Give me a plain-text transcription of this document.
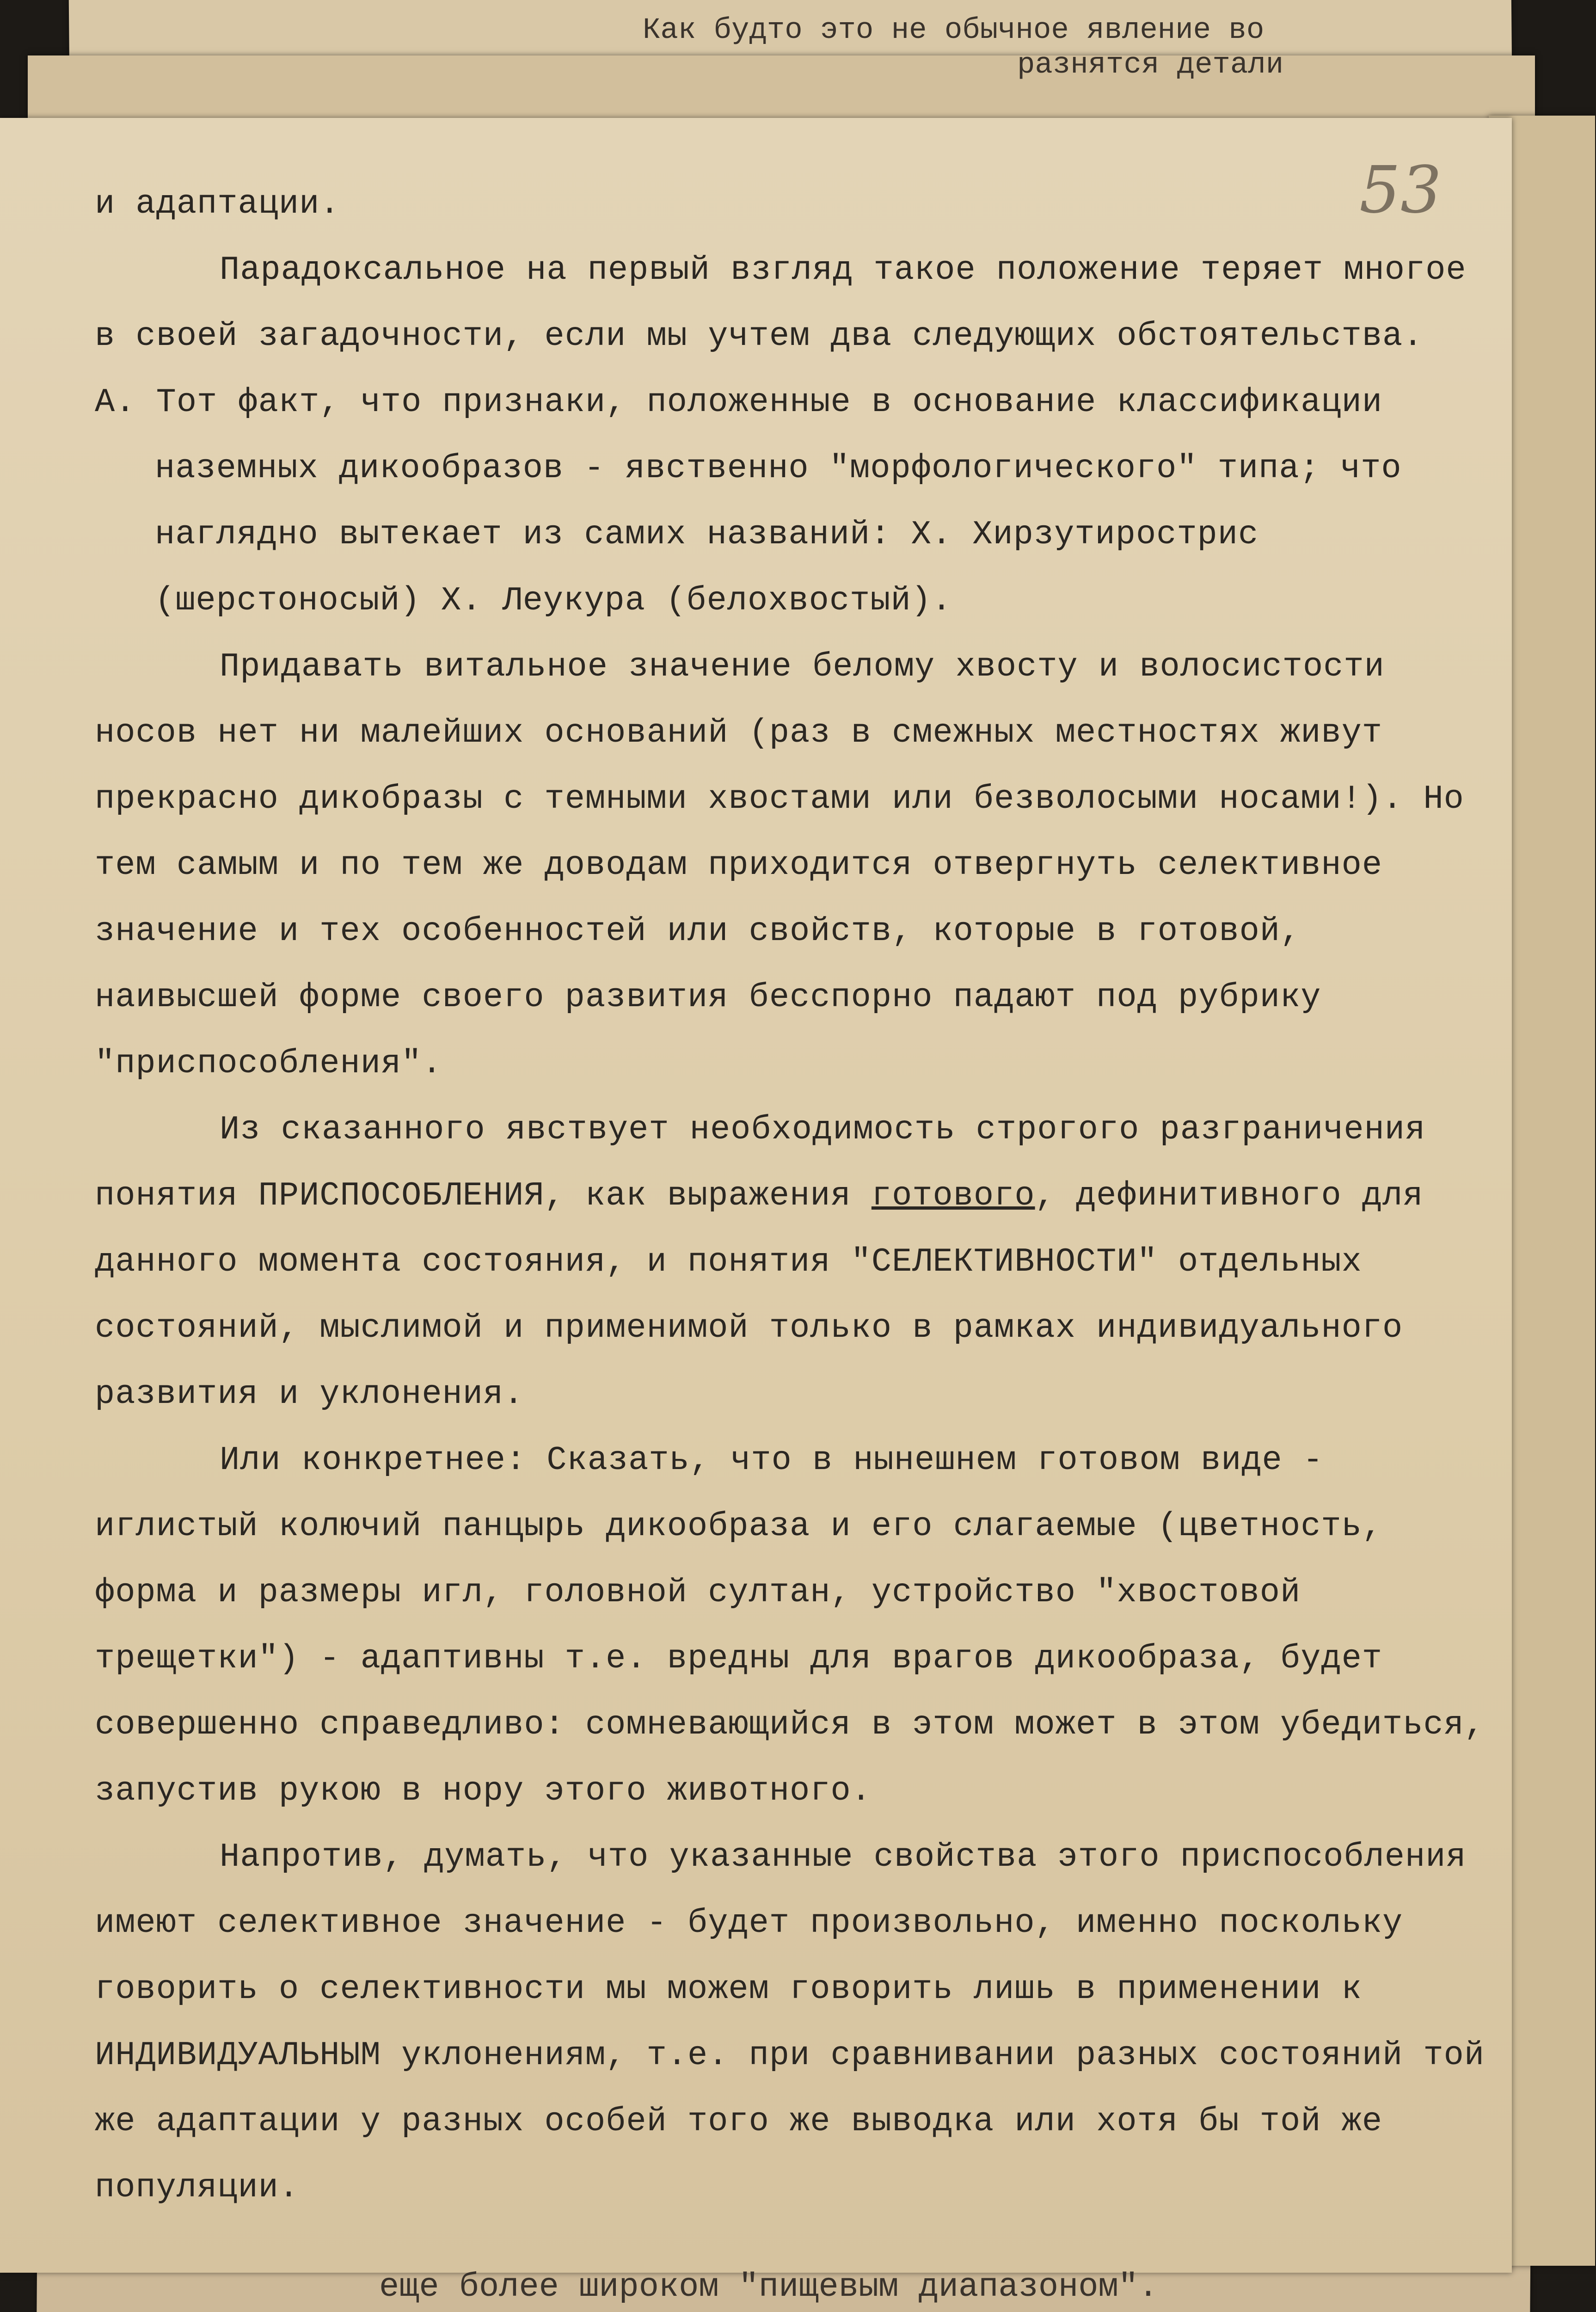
Как будто это не обычное явление во
разнятся детали
53

и адаптации.

Парадоксальное на первый взгляд такое положение теряет многое в своей загадочности, если мы учтем два следующих обстоятельства.

А. Тот факт, что признаки, положенные в основание классификации наземных дикообразов - явственно "морфологического" типа; что наглядно вытекает из самих названий: Х. Хирзутирострис (шерстоносый) Х. Леукура (белохвостый).

Придавать витальное значение белому хвосту и волосистости носов нет ни малейших оснований (раз в смежных местностях живут прекрасно дикобразы с темными хвостами или безволосыми носами!). Но тем самым и по тем же доводам приходится отвергнуть селективное значение и тех особенностей или свойств, которые в готовой, наивысшей форме своего развития бесспорно падают под рубрику "приспособления".

Из сказанного явствует необходимость строгого разграничения понятия ПРИСПОСОБЛЕНИЯ, как выражения готового, дефинитивного для данного момента состояния, и понятия "СЕЛЕКТИВНОСТИ" отдельных состояний, мыслимой и применимой только в рамках индивидуального развития и уклонения.

Или конкретнее: Сказать, что в нынешнем готовом виде - иглистый колючий панцырь дикообраза и его слагаемые (цветность, форма и размеры игл, головной султан, устройство "хвостовой трещетки") - адаптивны т.е. вредны для врагов дикообраза, будет совершенно справедливо: сомневающийся в этом может в этом убедиться, запустив рукою в нору этого животного.

Напротив, думать, что указанные свойства этого приспособления имеют селективное значение - будет произвольно, именно поскольку говорить о селективности мы можем говорить лишь в применении к ИНДИВИДУАЛЬНЫМ уклонениям, т.е. при сравнивании разных состояний той же адаптации у разных особей того же выводка или хотя бы той же популяции.

еще более широком "пищевым диапазоном".
